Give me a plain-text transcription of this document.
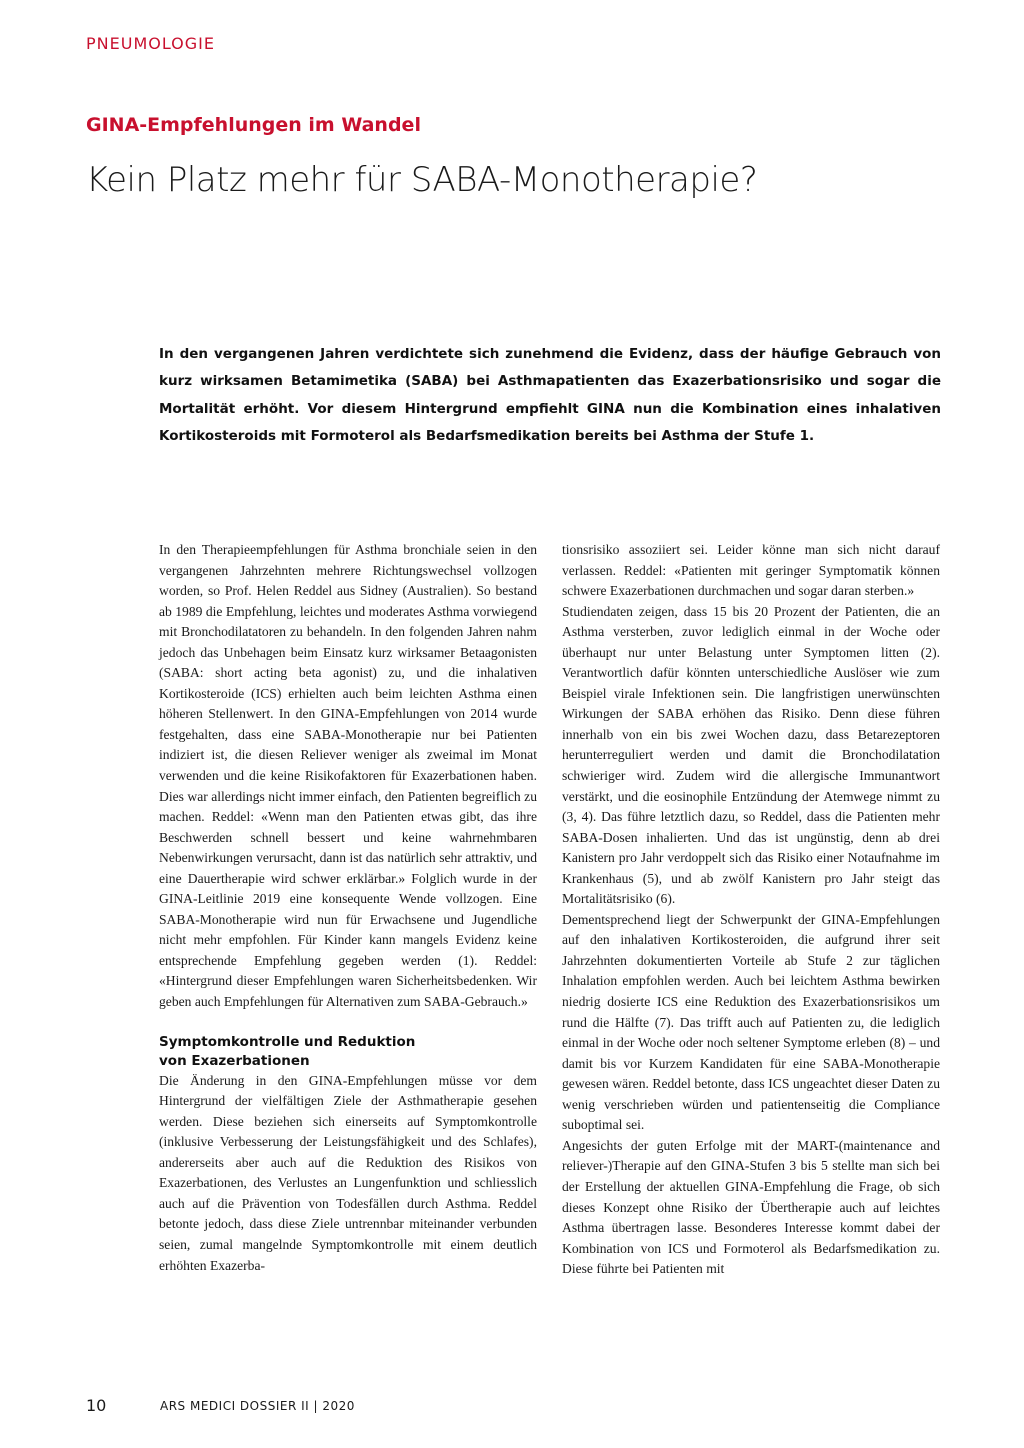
PNEUMOLOGIE
GINA-Empfehlungen im Wandel
Kein Platz mehr für SABA-Monotherapie?

In den vergangenen Jahren verdichtete sich zunehmend die Evidenz, dass der häufige Gebrauch von kurz wirksamen Betamimetika (SABA) bei Asthmapatienten das Exazerbationsrisiko und sogar die Mortalität erhöht. Vor diesem Hintergrund empfiehlt GINA nun die Kombination eines inhalativen Kortikosteroids mit Formoterol als Bedarfsmedikation bereits bei Asthma der Stufe 1.

In den Therapieempfehlungen für Asthma bronchiale seien in den vergangenen Jahrzehnten mehrere Richtungswechsel vollzogen worden, so Prof. Helen Reddel aus Sidney (Australien). So bestand ab 1989 die Empfehlung, leichtes und moderates Asthma vorwiegend mit Bronchodilatatoren zu behandeln. In den folgenden Jahren nahm jedoch das Unbehagen beim Einsatz kurz wirksamer Betaagonisten (SABA: short acting beta agonist) zu, und die inhalativen Kortikosteroide (ICS) erhielten auch beim leichten Asthma einen höheren Stellenwert. In den GINA-Empfehlungen von 2014 wurde festgehalten, dass eine SABA-Monotherapie nur bei Patienten indiziert ist, die diesen Reliever weniger als zweimal im Monat verwenden und die keine Risikofaktoren für Exazerbationen haben. Dies war allerdings nicht immer einfach, den Patienten begreiflich zu machen. Reddel: «Wenn man den Patienten etwas gibt, das ihre Beschwerden schnell bessert und keine wahrnehmbaren Nebenwirkungen verursacht, dann ist das natürlich sehr attraktiv, und eine Dauertherapie wird schwer erklärbar.» Folglich wurde in der GINA-Leitlinie 2019 eine konsequente Wende vollzogen. Eine SABA-Monotherapie wird nun für Erwachsene und Jugendliche nicht mehr empfohlen. Für Kinder kann mangels Evidenz keine entsprechende Empfehlung gegeben werden (1). Reddel: «Hintergrund dieser Empfehlungen waren Sicherheitsbedenken. Wir geben auch Empfehlungen für Alternativen zum SABA-Gebrauch.»

Symptomkontrolle und Reduktion
von Exazerbationen

Die Änderung in den GINA-Empfehlungen müsse vor dem Hintergrund der vielfältigen Ziele der Asthmatherapie gesehen werden. Diese beziehen sich einerseits auf Symptomkontrolle (inklusive Verbesserung der Leistungsfähigkeit und des Schlafes), andererseits aber auch auf die Reduktion des Risikos von Exazerbationen, des Verlustes an Lungenfunktion und schliesslich auch auf die Prävention von Todesfällen durch Asthma. Reddel betonte jedoch, dass diese Ziele untrennbar miteinander verbunden seien, zumal mangelnde Symptomkontrolle mit einem deutlich erhöhten Exazerba-

tionsrisiko assoziiert sei. Leider könne man sich nicht darauf verlassen. Reddel: «Patienten mit geringer Symptomatik können schwere Exazerbationen durchmachen und sogar daran sterben.»

Studiendaten zeigen, dass 15 bis 20 Prozent der Patienten, die an Asthma versterben, zuvor lediglich einmal in der Woche oder überhaupt nur unter Belastung unter Symptomen litten (2). Verantwortlich dafür könnten unterschiedliche Auslöser wie zum Beispiel virale Infektionen sein. Die langfristigen unerwünschten Wirkungen der SABA erhöhen das Risiko. Denn diese führen innerhalb von ein bis zwei Wochen dazu, dass Betarezeptoren herunterreguliert werden und damit die Bronchodilatation schwieriger wird. Zudem wird die allergische Immunantwort verstärkt, und die eosinophile Entzündung der Atemwege nimmt zu (3, 4). Das führe letztlich dazu, so Reddel, dass die Patienten mehr SABA-Dosen inhalierten. Und das ist ungünstig, denn ab drei Kanistern pro Jahr verdoppelt sich das Risiko einer Notaufnahme im Krankenhaus (5), und ab zwölf Kanistern pro Jahr steigt das Mortalitätsrisiko (6).

Dementsprechend liegt der Schwerpunkt der GINA-Empfehlungen auf den inhalativen Kortikosteroiden, die aufgrund ihrer seit Jahrzehnten dokumentierten Vorteile ab Stufe 2 zur täglichen Inhalation empfohlen werden. Auch bei leichtem Asthma bewirken niedrig dosierte ICS eine Reduktion des Exazerbationsrisikos um rund die Hälfte (7). Das trifft auch auf Patienten zu, die lediglich einmal in der Woche oder noch seltener Symptome erleben (8) – und damit bis vor Kurzem Kandidaten für eine SABA-Monotherapie gewesen wären. Reddel betonte, dass ICS ungeachtet dieser Daten zu wenig verschrieben würden und patientenseitig die Compliance suboptimal sei.

Angesichts der guten Erfolge mit der MART-(maintenance and reliever-)Therapie auf den GINA-Stufen 3 bis 5 stellte man sich bei der Erstellung der aktuellen GINA-Empfehlung die Frage, ob sich dieses Konzept ohne Risiko der Übertherapie auch auf leichtes Asthma übertragen lasse. Besonderes Interesse kommt dabei der Kombination von ICS und Formoterol als Bedarfsmedikation zu. Diese führte bei Patienten mit

10	ARS MEDICI DOSSIER II | 2020
